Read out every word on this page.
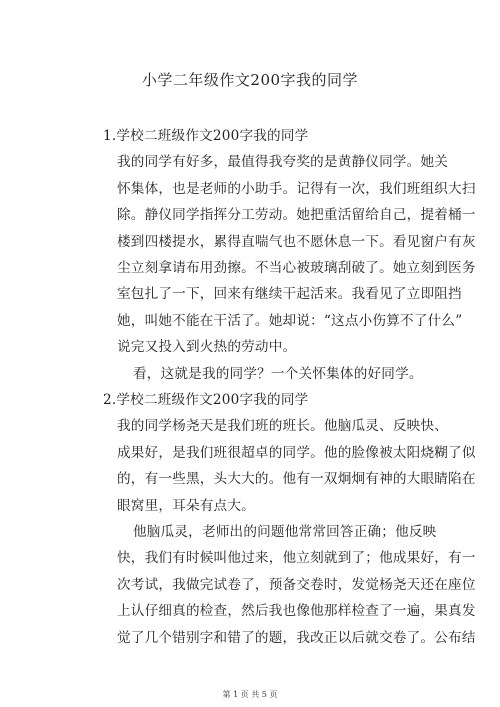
小学二年级作文200字我的同学
1.学校二班级作文200字我的同学
我的同学有好多，最值得我夸奖的是黄静仪同学。她关
怀集体，也是老师的小助手。记得有一次，我们班组织大扫
除。静仪同学指挥分工劳动。她把重活留给自己，提着桶一
楼到四楼提水，累得直喘气也不愿休息一下。看见窗户有灰
尘立刻拿请布用劲擦。不当心被玻璃刮破了。她立刻到医务
室包扎了一下，回来有继续干起活来。我看见了立即阻挡
她，叫她不能在干活了。她却说：“这点小伤算不了什么”
说完又投入到火热的劳动中。
看，这就是我的同学？一个关怀集体的好同学。
2.学校二班级作文200字我的同学
我的同学杨尧天是我们班的班长。他脑瓜灵、反映快、
成果好，是我们班很超卓的同学。他的脸像被太阳烧糊了似
的，有一些黑，头大大的。他有一双炯炯有神的大眼睛陷在
眼窝里，耳朵有点大。
他脑瓜灵，老师出的问题他常常回答正确；他反映
快，我们有时候叫他过来，他立刻就到了；他成果好，有一
次考试，我做完试卷了，预备交卷时，发觉杨尧天还在座位
上认仔细真的检查，然后我也像他那样检查了一遍，果真发
觉了几个错别字和错了的题，我改正以后就交卷了。公布结
第 1 页 共 5 页
